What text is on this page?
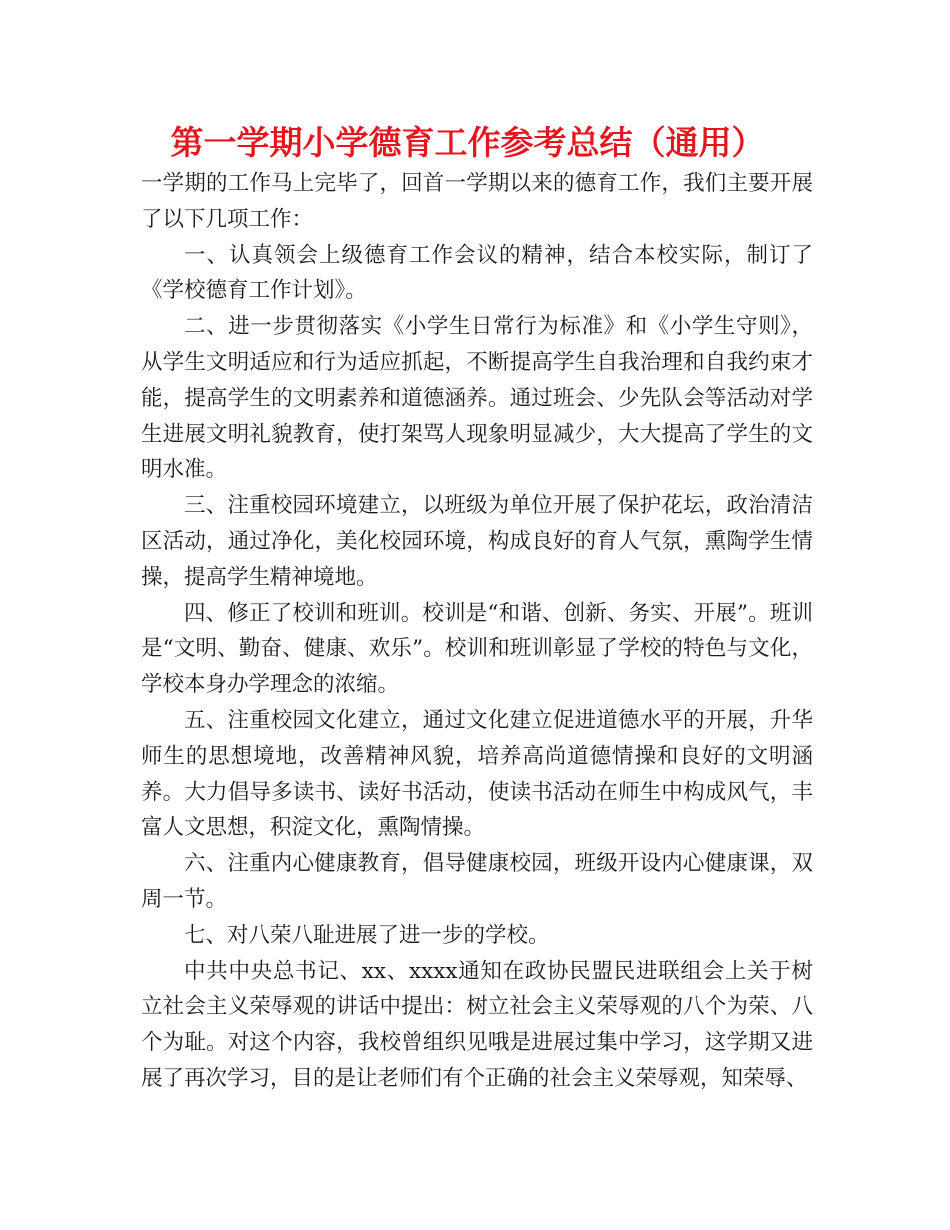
第一学期小学德育工作参考总结（通用）

一学期的工作马上完毕了，回首一学期以来的德育工作，我们主要开展了以下几项工作：

一、认真领会上级德育工作会议的精神，结合本校实际，制订了《学校德育工作计划》。

二、进一步贯彻落实《小学生日常行为标准》和《小学生守则》，从学生文明适应和行为适应抓起，不断提高学生自我治理和自我约束才能，提高学生的文明素养和道德涵养。通过班会、少先队会等活动对学生进展文明礼貌教育，使打架骂人现象明显减少，大大提高了学生的文明水准。

三、注重校园环境建立，以班级为单位开展了保护花坛，政治清洁区活动，通过净化，美化校园环境，构成良好的育人气氛，熏陶学生情操，提高学生精神境地。

四、修正了校训和班训。校训是“和谐、创新、务实、开展”。班训是“文明、勤奋、健康、欢乐”。校训和班训彰显了学校的特色与文化，学校本身办学理念的浓缩。

五、注重校园文化建立，通过文化建立促进道德水平的开展，升华师生的思想境地，改善精神风貌，培养高尚道德情操和良好的文明涵养。大力倡导多读书、读好书活动，使读书活动在师生中构成风气，丰富人文思想，积淀文化，熏陶情操。

六、注重内心健康教育，倡导健康校园，班级开设内心健康课，双周一节。

七、对八荣八耻进展了进一步的学校。

中共中央总书记、xx、xxxx通知在政协民盟民进联组会上关于树立社会主义荣辱观的讲话中提出：树立社会主义荣辱观的八个为荣、八个为耻。对这个内容，我校曾组织见哦是进展过集中学习，这学期又进展了再次学习，目的是让老师们有个正确的社会主义荣辱观，知荣辱、
